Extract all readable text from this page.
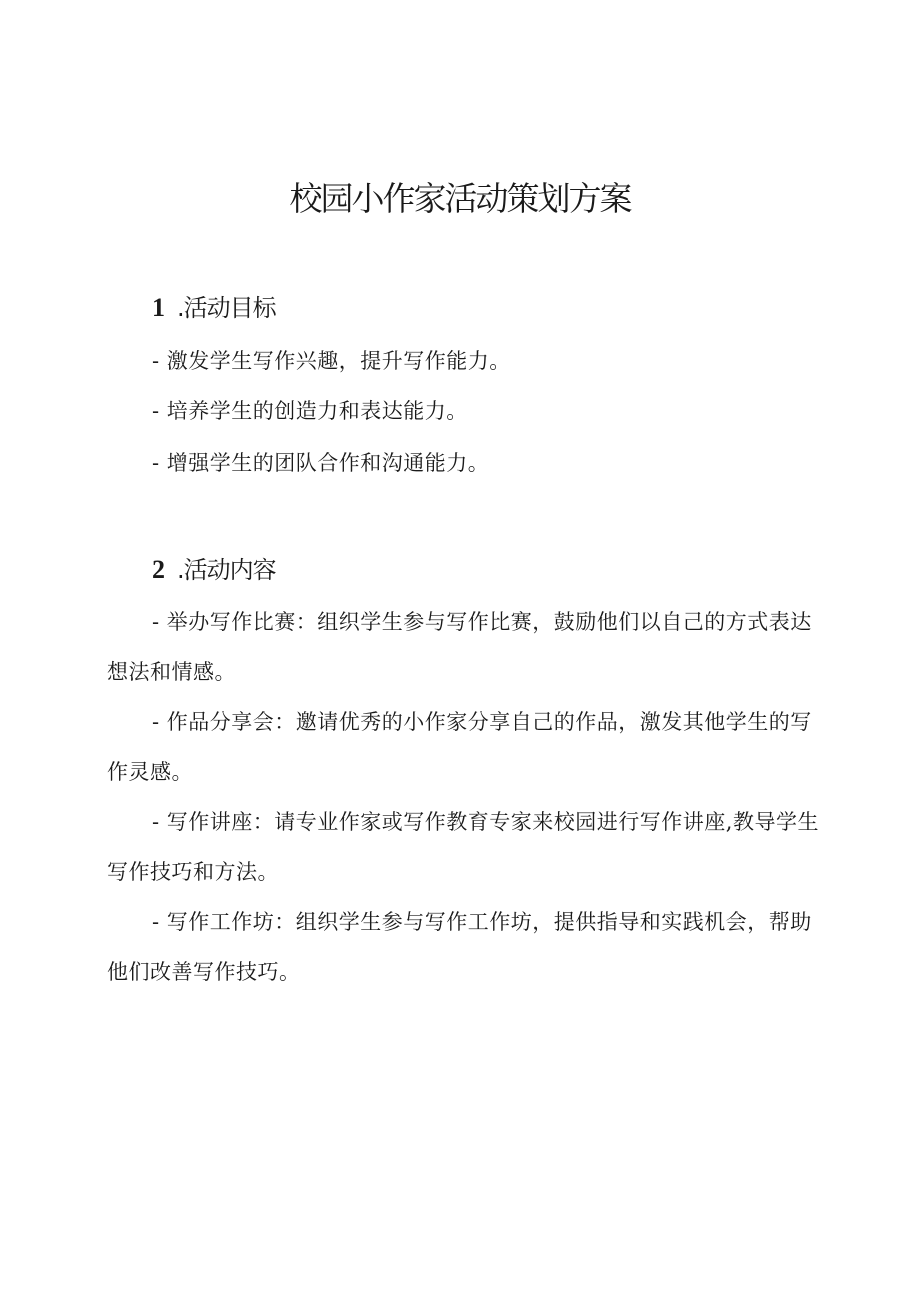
校园小作家活动策划方案
1 .活动目标

- 激发学生写作兴趣，提升写作能力。

- 培养学生的创造力和表达能力。

- 增强学生的团队合作和沟通能力。

2 .活动内容

- 举办写作比赛：组织学生参与写作比赛，鼓励他们以自己的方式表达想法和情感。

- 作品分享会：邀请优秀的小作家分享自己的作品，激发其他学生的写作灵感。

- 写作讲座：请专业作家或写作教育专家来校园进行写作讲座,教导学生写作技巧和方法。

- 写作工作坊：组织学生参与写作工作坊，提供指导和实践机会，帮助他们改善写作技巧。
